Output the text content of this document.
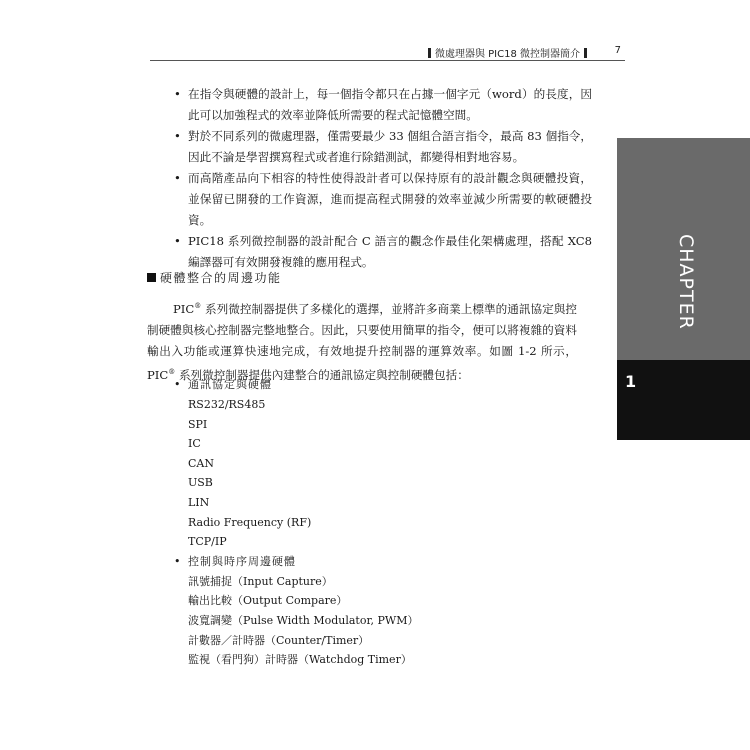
微處理器與 PIC18 微控制器簡介	7
CHAPTER
1
• 在指令與硬體的設計上，每一個指令都只在占據一個字元（word）的長度，因此可以加強程式的效率並降低所需要的程式記憶體空間。
• 對於不同系列的微處理器，僅需要最少 33 個組合語言指令，最高 83 個指令，因此不論是學習撰寫程式或者進行除錯測試，都變得相對地容易。
• 而高階產品向下相容的特性使得設計者可以保持原有的設計觀念與硬體投資，並保留已開發的工作資源，進而提高程式開發的效率並減少所需要的軟硬體投資。
• PIC18 系列微控制器的設計配合 C 語言的觀念作最佳化架構處理，搭配 XC8 編譯器可有效開發複雜的應用程式。
硬體整合的周邊功能
PIC® 系列微控制器提供了多樣化的選擇，並將許多商業上標準的通訊協定與控制硬體與核心控制器完整地整合。因此，只要使用簡單的指令，便可以將複雜的資料輸出入功能或運算快速地完成，有效地提升控制器的運算效率。如圖 1-2 所示，PIC® 系列微控制器提供內建整合的通訊協定與控制硬體包括：
• 通訊協定與硬體
RS232/RS485
SPI
IC
CAN
USB
LIN
Radio Frequency (RF)
TCP/IP
• 控制與時序周邊硬體
訊號捕捉（Input Capture）
輸出比較（Output Compare）
波寬調變（Pulse Width Modulator, PWM）
計數器／計時器（Counter/Timer）
監視（看門狗）計時器（Watchdog Timer）
